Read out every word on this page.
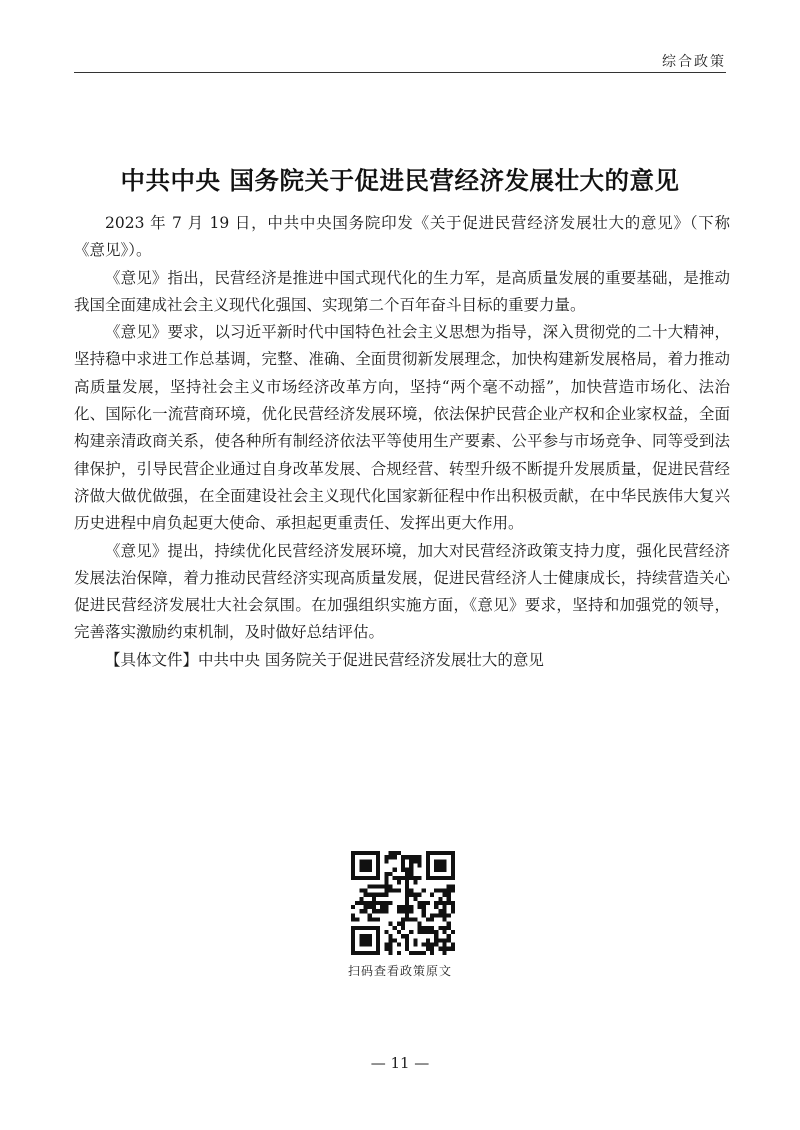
综合政策
中共中央 国务院关于促进民营经济发展壮大的意见

2023 年 7 月 19 日，中共中央国务院印发《关于促进民营经济发展壮大的意见》（下称《意见》）。

《意见》指出，民营经济是推进中国式现代化的生力军，是高质量发展的重要基础，是推动我国全面建成社会主义现代化强国、实现第二个百年奋斗目标的重要力量。

《意见》要求，以习近平新时代中国特色社会主义思想为指导，深入贯彻党的二十大精神，坚持稳中求进工作总基调，完整、准确、全面贯彻新发展理念，加快构建新发展格局，着力推动高质量发展，坚持社会主义市场经济改革方向，坚持“两个毫不动摇”，加快营造市场化、法治化、国际化一流营商环境，优化民营经济发展环境，依法保护民营企业产权和企业家权益，全面构建亲清政商关系，使各种所有制经济依法平等使用生产要素、公平参与市场竞争、同等受到法律保护，引导民营企业通过自身改革发展、合规经营、转型升级不断提升发展质量，促进民营经济做大做优做强，在全面建设社会主义现代化国家新征程中作出积极贡献，在中华民族伟大复兴历史进程中肩负起更大使命、承担起更重责任、发挥出更大作用。

《意见》提出，持续优化民营经济发展环境，加大对民营经济政策支持力度，强化民营经济发展法治保障，着力推动民营经济实现高质量发展，促进民营经济人士健康成长，持续营造关心促进民营经济发展壮大社会氛围。在加强组织实施方面，《意见》要求，坚持和加强党的领导，完善落实激励约束机制，及时做好总结评估。

【具体文件】中共中央 国务院关于促进民营经济发展壮大的意见

扫码查看政策原文
— 11 —
